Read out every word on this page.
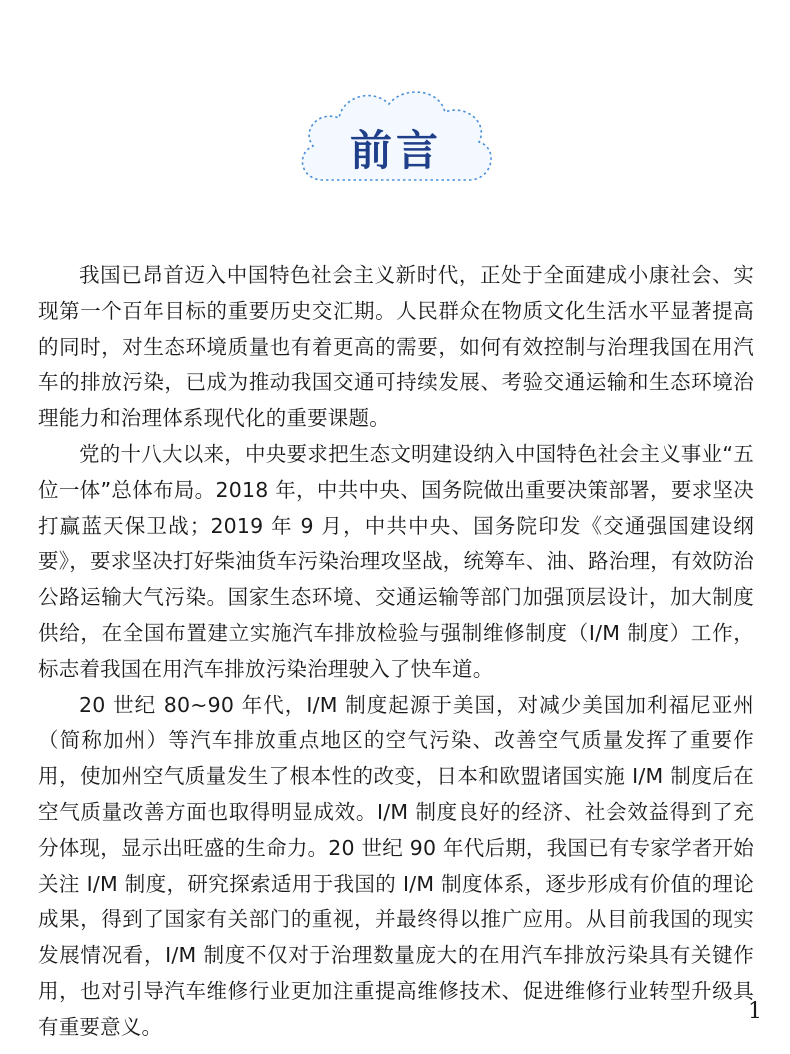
前言

我国已昂首迈入中国特色社会主义新时代，正处于全面建成小康社会、实现第一个百年目标的重要历史交汇期。人民群众在物质文化生活水平显著提高的同时，对生态环境质量也有着更高的需要，如何有效控制与治理我国在用汽车的排放污染，已成为推动我国交通可持续发展、考验交通运输和生态环境治理能力和治理体系现代化的重要课题。

党的十八大以来，中央要求把生态文明建设纳入中国特色社会主义事业“五位一体”总体布局。2018 年，中共中央、国务院做出重要决策部署，要求坚决打赢蓝天保卫战；2019 年 9 月，中共中央、国务院印发《交通强国建设纲要》，要求坚决打好柴油货车污染治理攻坚战，统筹车、油、路治理，有效防治公路运输大气污染。国家生态环境、交通运输等部门加强顶层设计，加大制度供给，在全国布置建立实施汽车排放检验与强制维修制度（I/M 制度）工作，标志着我国在用汽车排放污染治理驶入了快车道。

20 世纪 80~90 年代，I/M 制度起源于美国，对减少美国加利福尼亚州（简称加州）等汽车排放重点地区的空气污染、改善空气质量发挥了重要作用，使加州空气质量发生了根本性的改变，日本和欧盟诸国实施 I/M 制度后在空气质量改善方面也取得明显成效。I/M 制度良好的经济、社会效益得到了充分体现，显示出旺盛的生命力。20 世纪 90 年代后期，我国已有专家学者开始关注 I/M 制度，研究探索适用于我国的 I/M 制度体系，逐步形成有价值的理论成果，得到了国家有关部门的重视，并最终得以推广应用。从目前我国的现实发展情况看，I/M 制度不仅对于治理数量庞大的在用汽车排放污染具有关键作用，也对引导汽车维修行业更加注重提高维修技术、促进维修行业转型升级具有重要意义。

1
